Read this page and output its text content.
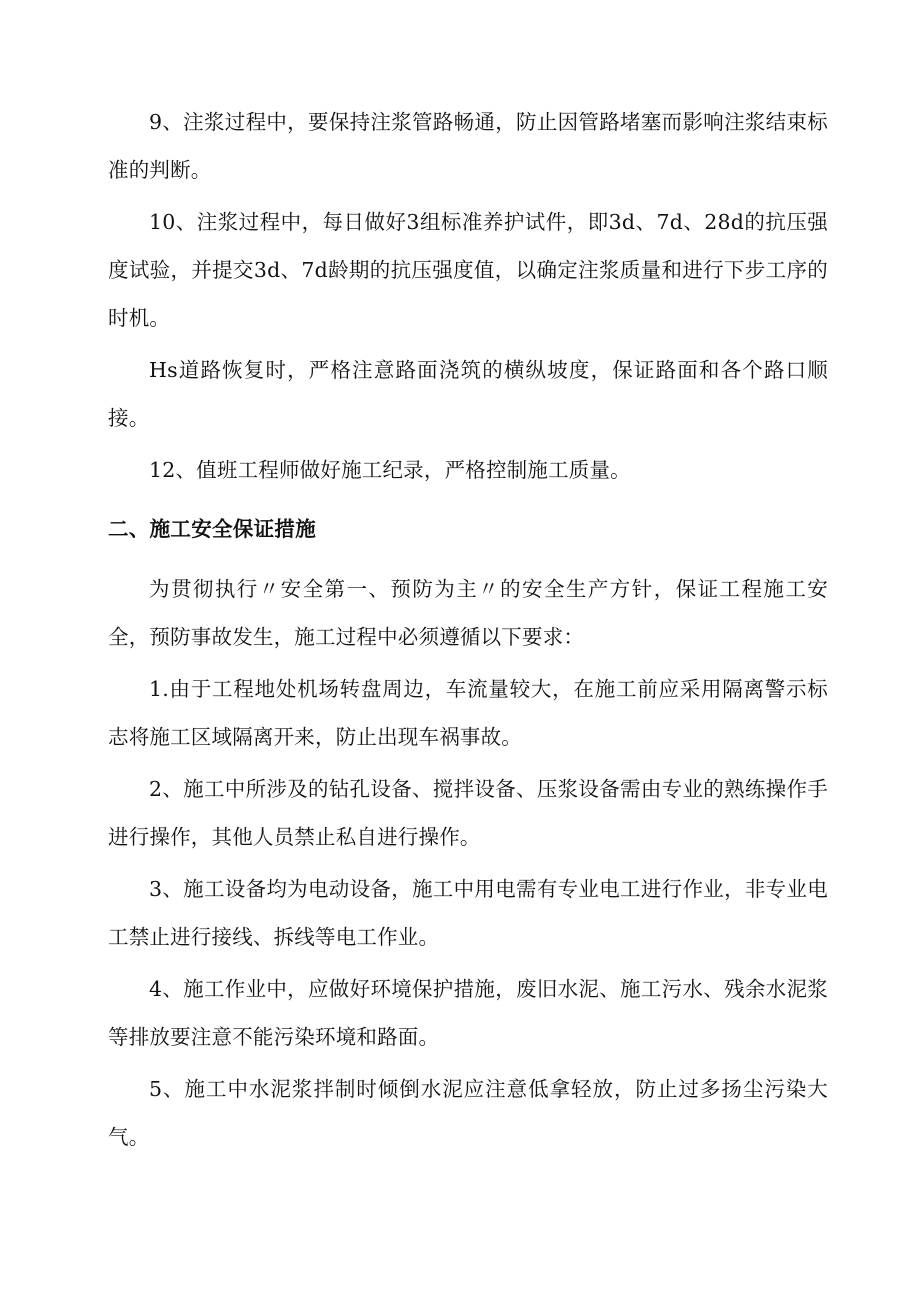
9、注浆过程中，要保持注浆管路畅通，防止因管路堵塞而影响注浆结束标准的判断。

10、注浆过程中，每日做好3组标准养护试件，即3d、7d、28d的抗压强度试验，并提交3d、7d龄期的抗压强度值，以确定注浆质量和进行下步工序的时机。

Hs道路恢复时，严格注意路面浇筑的横纵坡度，保证路面和各个路口顺接。

12、值班工程师做好施工纪录，严格控制施工质量。

二、施工安全保证措施

为贯彻执行〃安全第一、预防为主〃的安全生产方针，保证工程施工安全，预防事故发生，施工过程中必须遵循以下要求：

1.由于工程地处机场转盘周边，车流量较大，在施工前应采用隔离警示标志将施工区域隔离开来，防止出现车祸事故。

2、施工中所涉及的钻孔设备、搅拌设备、压浆设备需由专业的熟练操作手进行操作，其他人员禁止私自进行操作。

3、施工设备均为电动设备，施工中用电需有专业电工进行作业，非专业电工禁止进行接线、拆线等电工作业。

4、施工作业中，应做好环境保护措施，废旧水泥、施工污水、残余水泥浆等排放要注意不能污染环境和路面。

5、施工中水泥浆拌制时倾倒水泥应注意低拿轻放，防止过多扬尘污染大气。
